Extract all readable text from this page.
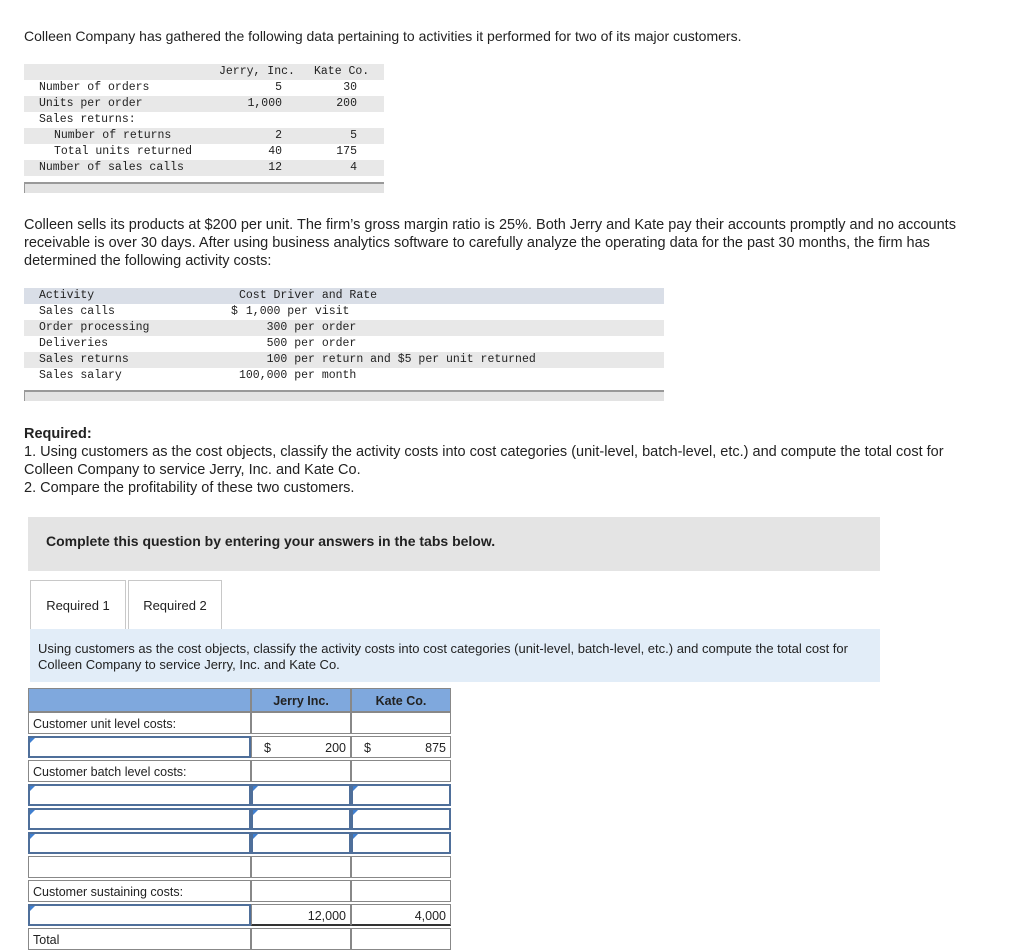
Colleen Company has gathered the following data pertaining to activities it performed for two of its major customers.
Jerry, Inc. Kate Co.
Number of orders	5	30
Units per order	1,000	200
Sales returns:
Number of returns	2	5
Total units returned	40	175
Number of sales calls	12	4
Colleen sells its products at $200 per unit. The firm’s gross margin ratio is 25%. Both Jerry and Kate pay their accounts promptly and no accounts receivable is over 30 days. After using business analytics software to carefully analyze the operating data for the past 30 months, the firm has determined the following activity costs:
Activity	Cost Driver and Rate
Sales calls	$ 1,000 per visit
Order processing	300 per order
Deliveries	500 per order
Sales returns	100 per return and $5 per unit returned
Sales salary	100,000 per month
Required:
1. Using customers as the cost objects, classify the activity costs into cost categories (unit-level, batch-level, etc.) and compute the total cost for Colleen Company to service Jerry, Inc. and Kate Co.
2. Compare the profitability of these two customers.
Complete this question by entering your answers in the tabs below.
Required 1	Required 2
Using customers as the cost objects, classify the activity costs into cost categories (unit-level, batch-level, etc.) and compute the total cost for Colleen Company to service Jerry, Inc. and Kate Co.
Jerry Inc.	Kate Co.
Customer unit level costs:
$	200	$	875
Customer batch level costs:
Customer sustaining costs:
12,000	4,000
Total
